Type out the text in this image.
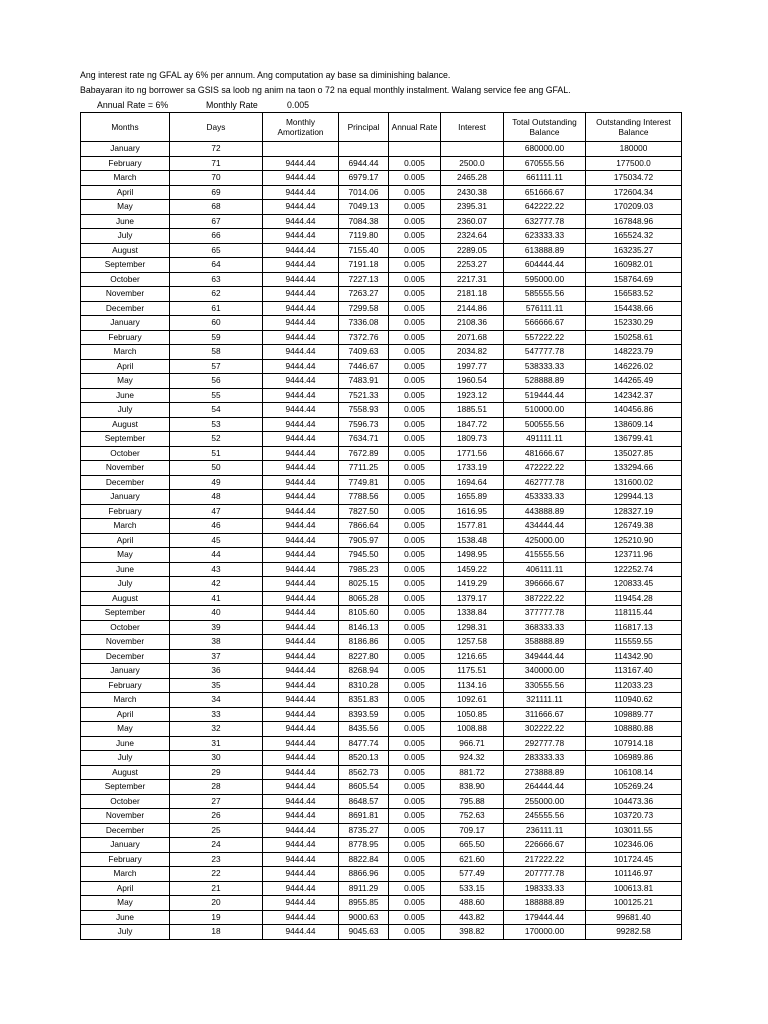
Ang interest rate ng GFAL ay 6% per annum. Ang computation ay base sa diminishing balance.
Babayaran ito ng borrower sa GSIS sa loob ng anim na taon o 72 na equal monthly instalment. Walang service fee ang GFAL.
Annual Rate = 6%	Monthly Rate	0.005
Months	Days	Monthly Amortization	Principal	Annual Rate	Interest	Total Outstanding Balance	Outstanding Interest Balance
January	72					680000.00	180000
February	71	9444.44	6944.44	0.005	2500.0	670555.56	177500.0
March	70	9444.44	6979.17	0.005	2465.28	661111.11	175034.72
April	69	9444.44	7014.06	0.005	2430.38	651666.67	172604.34
May	68	9444.44	7049.13	0.005	2395.31	642222.22	170209.03
June	67	9444.44	7084.38	0.005	2360.07	632777.78	167848.96
July	66	9444.44	7119.80	0.005	2324.64	623333.33	165524.32
August	65	9444.44	7155.40	0.005	2289.05	613888.89	163235.27
September	64	9444.44	7191.18	0.005	2253.27	604444.44	160982.01
October	63	9444.44	7227.13	0.005	2217.31	595000.00	158764.69
November	62	9444.44	7263.27	0.005	2181.18	585555.56	156583.52
December	61	9444.44	7299.58	0.005	2144.86	576111.11	154438.66
January	60	9444.44	7336.08	0.005	2108.36	566666.67	152330.29
February	59	9444.44	7372.76	0.005	2071.68	557222.22	150258.61
March	58	9444.44	7409.63	0.005	2034.82	547777.78	148223.79
April	57	9444.44	7446.67	0.005	1997.77	538333.33	146226.02
May	56	9444.44	7483.91	0.005	1960.54	528888.89	144265.49
June	55	9444.44	7521.33	0.005	1923.12	519444.44	142342.37
July	54	9444.44	7558.93	0.005	1885.51	510000.00	140456.86
August	53	9444.44	7596.73	0.005	1847.72	500555.56	138609.14
September	52	9444.44	7634.71	0.005	1809.73	491111.11	136799.41
October	51	9444.44	7672.89	0.005	1771.56	481666.67	135027.85
November	50	9444.44	7711.25	0.005	1733.19	472222.22	133294.66
December	49	9444.44	7749.81	0.005	1694.64	462777.78	131600.02
January	48	9444.44	7788.56	0.005	1655.89	453333.33	129944.13
February	47	9444.44	7827.50	0.005	1616.95	443888.89	128327.19
March	46	9444.44	7866.64	0.005	1577.81	434444.44	126749.38
April	45	9444.44	7905.97	0.005	1538.48	425000.00	125210.90
May	44	9444.44	7945.50	0.005	1498.95	415555.56	123711.96
June	43	9444.44	7985.23	0.005	1459.22	406111.11	122252.74
July	42	9444.44	8025.15	0.005	1419.29	396666.67	120833.45
August	41	9444.44	8065.28	0.005	1379.17	387222.22	119454.28
September	40	9444.44	8105.60	0.005	1338.84	377777.78	118115.44
October	39	9444.44	8146.13	0.005	1298.31	368333.33	116817.13
November	38	9444.44	8186.86	0.005	1257.58	358888.89	115559.55
December	37	9444.44	8227.80	0.005	1216.65	349444.44	114342.90
January	36	9444.44	8268.94	0.005	1175.51	340000.00	113167.40
February	35	9444.44	8310.28	0.005	1134.16	330555.56	112033.23
March	34	9444.44	8351.83	0.005	1092.61	321111.11	110940.62
April	33	9444.44	8393.59	0.005	1050.85	311666.67	109889.77
May	32	9444.44	8435.56	0.005	1008.88	302222.22	108880.88
June	31	9444.44	8477.74	0.005	966.71	292777.78	107914.18
July	30	9444.44	8520.13	0.005	924.32	283333.33	106989.86
August	29	9444.44	8562.73	0.005	881.72	273888.89	106108.14
September	28	9444.44	8605.54	0.005	838.90	264444.44	105269.24
October	27	9444.44	8648.57	0.005	795.88	255000.00	104473.36
November	26	9444.44	8691.81	0.005	752.63	245555.56	103720.73
December	25	9444.44	8735.27	0.005	709.17	236111.11	103011.55
January	24	9444.44	8778.95	0.005	665.50	226666.67	102346.06
February	23	9444.44	8822.84	0.005	621.60	217222.22	101724.45
March	22	9444.44	8866.96	0.005	577.49	207777.78	101146.97
April	21	9444.44	8911.29	0.005	533.15	198333.33	100613.81
May	20	9444.44	8955.85	0.005	488.60	188888.89	100125.21
June	19	9444.44	9000.63	0.005	443.82	179444.44	99681.40
July	18	9444.44	9045.63	0.005	398.82	170000.00	99282.58
